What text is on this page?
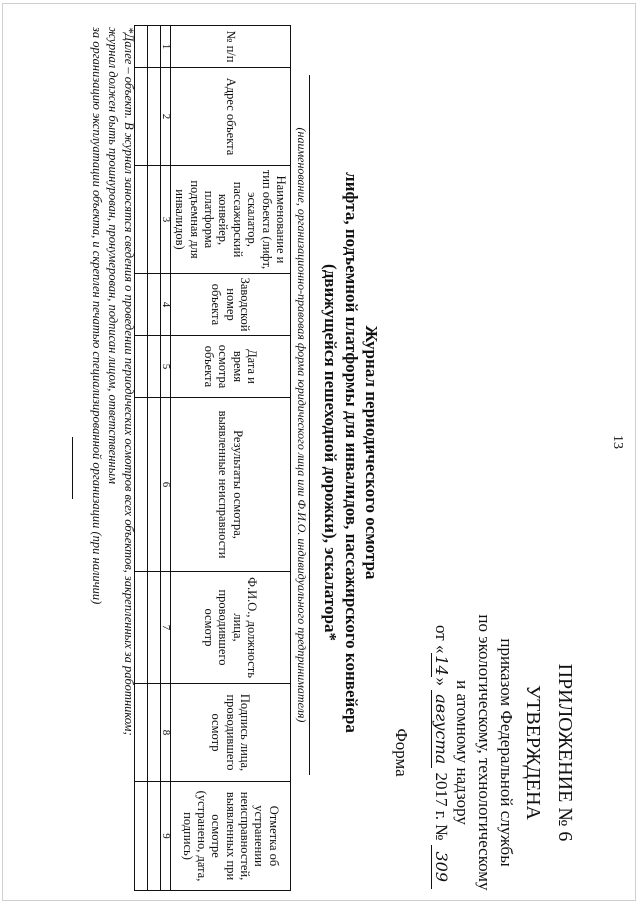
13
ПРИЛОЖЕНИЕ № 6
УТВЕРЖДЕНА
приказом Федеральной службы
по экологическому, технологическому
и атомному надзору
от «14» августа 2017 г. № 309
Форма
Журнал периодического осмотра
лифта, подъемной платформы для инвалидов, пассажирского конвейера
(движущейся пешеходной дорожки), эскалатора*
(наименование, организационно-правовая форма юридического лица или Ф.И.О. индивидуального предпринимателя)
№ п/п	Адрес объекта	Наименование и тип объекта (лифт, эскалатор, пассажирский конвейер, платформа подъемная для инвалидов)	Заводской номер объекта	Дата и время осмотра объекта	Результаты осмотра, выявленные неисправности	Ф.И.О., должность лица, проводившего осмотр	Подпись лица, проводившего осмотр	Отметка об устранении неисправностей, выявленных при осмотре (устранено, дата, подпись)
1	2	3	4	5	6	7	8	9

*Далее – объект. В журнал заносятся сведения о проведении периодических осмотров всех объектов, закрепленных за работником;
журнал должен быть прошнурован, пронумерован, подписан лицом, ответственным
за организацию эксплуатации объекта, и скреплен печатью специализированной организации (при наличии)
